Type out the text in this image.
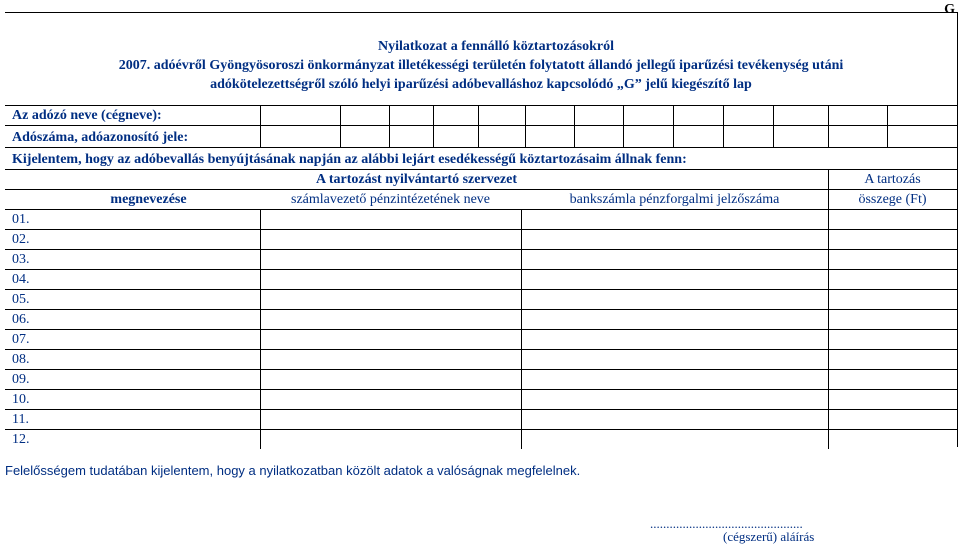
G
Nyilatkozat a fennálló köztartozásokról
2007. adóévről Gyöngyösoroszi önkormányzat illetékességi területén folytatott állandó jellegű iparűzési tevékenység utáni
adókötelezettségről szóló helyi iparűzési adóbevalláshoz kapcsolódó „G” jelű kiegészítő lap
Az adózó neve (cégneve):
Adószáma, adóazonosító jele:
Kijelentem, hogy az adóbevallás benyújtásának napján az alábbi lejárt esedékességű köztartozásaim állnak fenn:
A tartozást nyilvántartó szervezet	A tartozás
megnevezése	számlavezető pénzintézetének neve	bankszámla pénzforgalmi jelzőszáma	összege (Ft)
01.
02.
03.
04.
05.
06.
07.
08.
09.
10.
11.
12.
Felelősségem tudatában kijelentem, hogy a nyilatkozatban közölt adatok a valóságnak megfelelnek.
...............................................
(cégszerű) aláírás
